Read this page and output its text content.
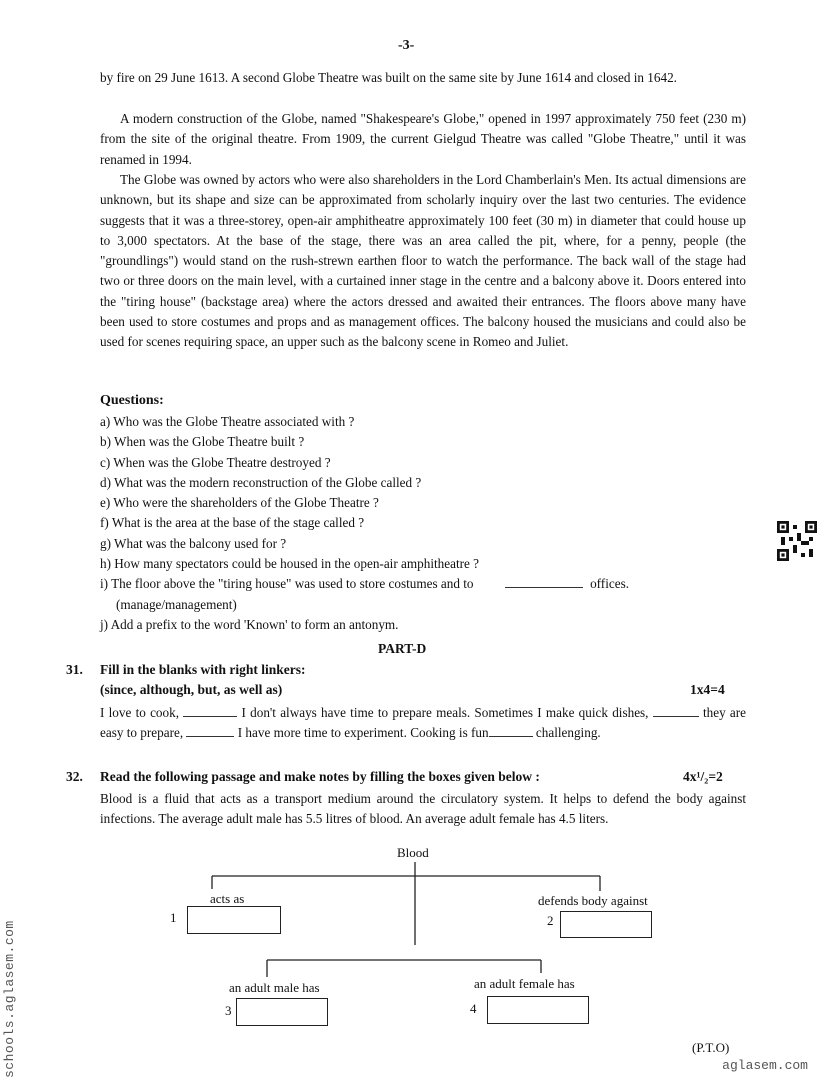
-3-

by fire on 29 June 1613. A second Globe Theatre was built on the same site by June 1614 and closed in 1642.

A modern construction of the Globe, named "Shakespeare's Globe," opened in 1997 approximately 750 feet (230 m) from the site of the original theatre. From 1909, the current Gielgud Theatre was called "Globe Theatre," until it was renamed in 1994.

The Globe was owned by actors who were also shareholders in the Lord Chamberlain's Men. Its actual dimensions are unknown, but its shape and size can be approximated from scholarly inquiry over the last two centuries. The evidence suggests that it was a three-storey, open-air amphitheatre approximately 100 feet (30 m) in diameter that could house up to 3,000 spectators. At the base of the stage, there was an area called the pit, where, for a penny, people (the "groundlings") would stand on the rush-strewn earthen floor to watch the performance. The back wall of the stage had two or three doors on the main level, with a curtained inner stage in the centre and a balcony above it. Doors entered into the "tiring house" (backstage area) where the actors dressed and awaited their entrances. The floors above many have been used to store costumes and props and as management offices. The balcony housed the musicians and could also be used for scenes requiring space, an upper such as the balcony scene in Romeo and Juliet.

Questions:
a) Who was the Globe Theatre associated with ?
b) When was the Globe Theatre built ?
c) When was the Globe Theatre destroyed ?
d) What was the modern reconstruction of the Globe called ?
e) Who were the shareholders of the Globe Theatre ?
f) What is the area at the base of the stage called ?
g) What was the balcony used for ?
h) How many spectators could be housed in the open-air amphitheatre ?
i) The floor above the "tiring house" was used to store costumes and to	offices.
(manage/management)
j) Add a prefix to the word 'Known' to form an antonym.
PART-D
31. Fill in the blanks with right linkers:
(since, although, but, as well as)	1x4=4

I love to cook,	I don't always have time to prepare meals. Sometimes I make quick dishes,	they are easy to prepare,	I have more time to experiment. Cooking is fun	challenging.

32. Read the following passage and make notes by filling the boxes given below :	4x¹/₂=2

Blood is a fluid that acts as a transport medium around the circulatory system. It helps to defend the body against infections. The average adult male has 5.5 litres of blood. An average adult female has 4.5 liters.

Blood
acts as	defends body against
an adult male has	an adult female has
1	2
3	4
(P.T.O)
schools.aglasem.com	aglasem.com
